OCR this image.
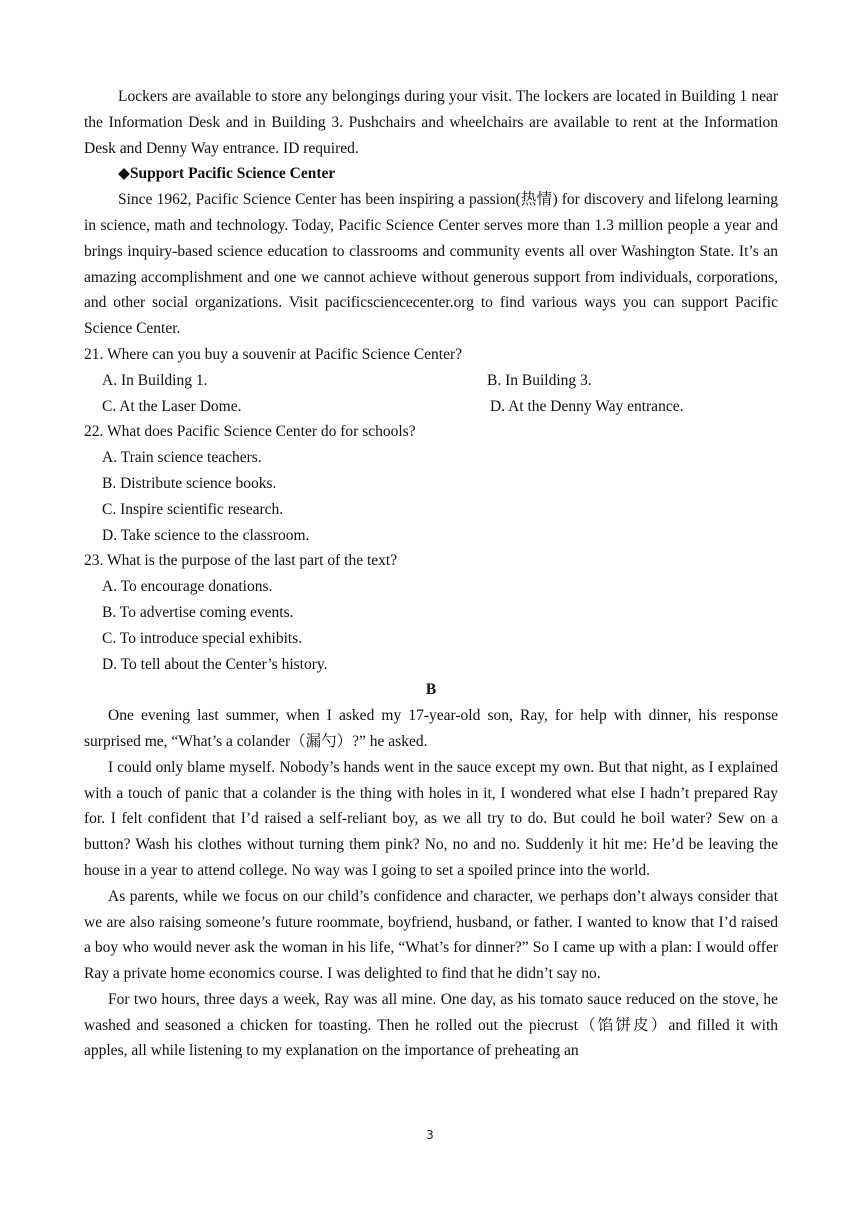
Lockers are available to store any belongings during your visit. The lockers are located in Building 1 near the Information Desk and in Building 3. Pushchairs and wheelchairs are available to rent at the Information Desk and Denny Way entrance. ID required.

◆Support Pacific Science Center

Since 1962, Pacific Science Center has been inspiring a passion(热情) for discovery and lifelong learning in science, math and technology. Today, Pacific Science Center serves more than 1.3 million people a year and brings inquiry-based science education to classrooms and community events all over Washington State. It’s an amazing accomplishment and one we cannot achieve without generous support from individuals, corporations, and other social organizations. Visit pacificsciencecenter.org to find various ways you can support Pacific Science Center.

21. Where can you buy a souvenir at Pacific Science Center?
A. In Building 1.	B. In Building 3.
C. At the Laser Dome.	D. At the Denny Way entrance.
22. What does Pacific Science Center do for schools?
A. Train science teachers.
B. Distribute science books.
C. Inspire scientific research.
D. Take science to the classroom.
23. What is the purpose of the last part of the text?
A. To encourage donations.
B. To advertise coming events.
C. To introduce special exhibits.
D. To tell about the Center’s history.
B

One evening last summer, when I asked my 17-year-old son, Ray, for help with dinner, his response surprised me, “What’s a colander（漏勺）?” he asked.

I could only blame myself. Nobody’s hands went in the sauce except my own. But that night, as I explained with a touch of panic that a colander is the thing with holes in it, I wondered what else I hadn’t prepared Ray for. I felt confident that I’d raised a self-reliant boy, as we all try to do. But could he boil water? Sew on a button? Wash his clothes without turning them pink? No, no and no. Suddenly it hit me: He’d be leaving the house in a year to attend college. No way was I going to set a spoiled prince into the world.

As parents, while we focus on our child’s confidence and character, we perhaps don’t always consider that we are also raising someone’s future roommate, boyfriend, husband, or father. I wanted to know that I’d raised a boy who would never ask the woman in his life, “What’s for dinner?” So I came up with a plan: I would offer Ray a private home economics course. I was delighted to find that he didn’t say no.

For two hours, three days a week, Ray was all mine. One day, as his tomato sauce reduced on the stove, he washed and seasoned a chicken for toasting. Then he rolled out the piecrust（馅饼皮）and filled it with apples, all while listening to my explanation on the importance of preheating an

3
